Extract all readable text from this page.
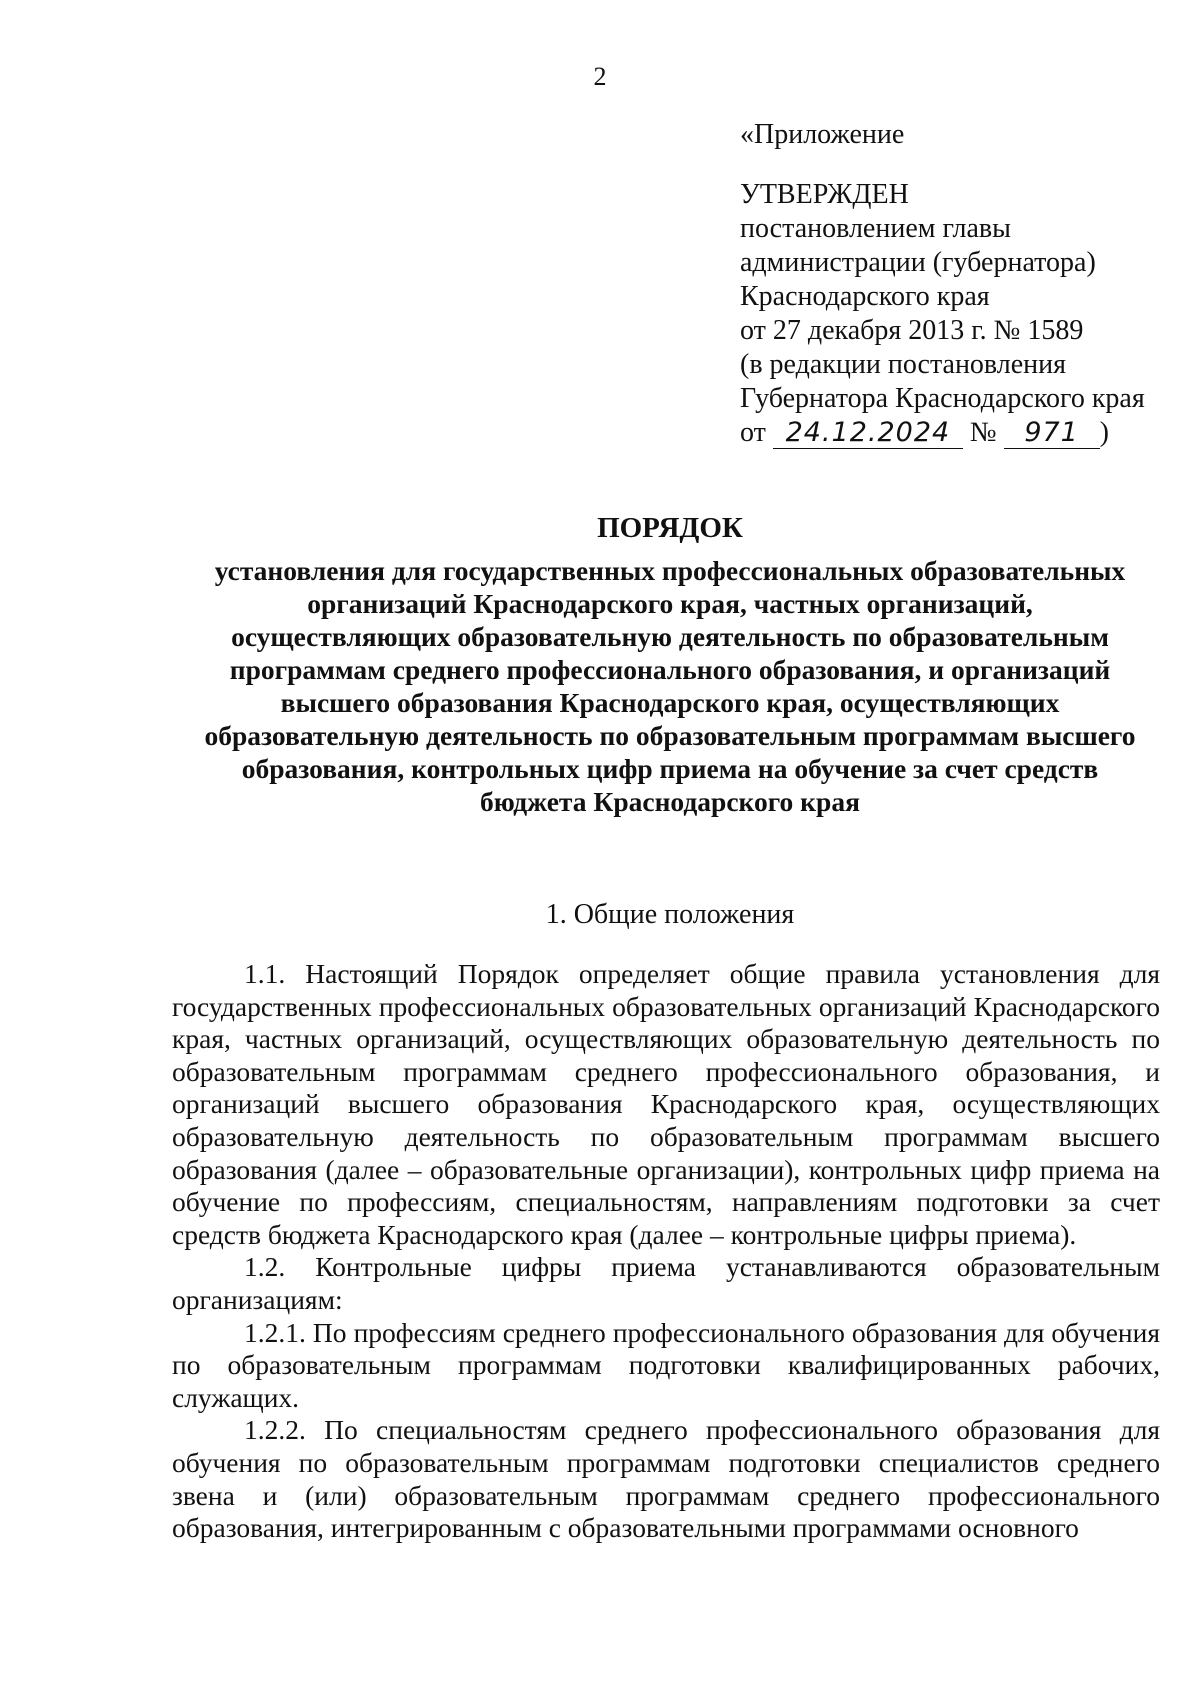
2
«Приложение
УТВЕРЖДЕН
постановлением главы
администрации (губернатора)
Краснодарского края
от 27 декабря 2013 г. № 1589
(в редакции постановления
Губернатора Краснодарского края
от 24.12.2024 № 971 )
ПОРЯДОК
установления для государственных профессиональных образовательных организаций Краснодарского края, частных организаций, осуществляющих образовательную деятельность по образовательным программам среднего профессионального образования, и организаций высшего образования Краснодарского края, осуществляющих образовательную деятельность по образовательным программам высшего образования, контрольных цифр приема на обучение за счет средств бюджета Краснодарского края
1. Общие положения

1.1. Настоящий Порядок определяет общие правила установления для государственных профессиональных образовательных организаций Краснодарского края, частных организаций, осуществляющих образовательную деятельность по образовательным программам среднего профессионального образования, и организаций высшего образования Краснодарского края, осуществляющих образовательную деятельность по образовательным программам высшего образования (далее – образовательные организации), контрольных цифр приема на обучение по профессиям, специальностям, направлениям подготовки за счет средств бюджета Краснодарского края (далее – контрольные цифры приема).

1.2. Контрольные цифры приема устанавливаются образовательным организациям:

1.2.1. По профессиям среднего профессионального образования для обучения по образовательным программам подготовки квалифицированных рабочих, служащих.

1.2.2. По специальностям среднего профессионального образования для обучения по образовательным программам подготовки специалистов среднего звена и (или) образовательным программам среднего профессионального образования, интегрированным с образовательными программами основного
